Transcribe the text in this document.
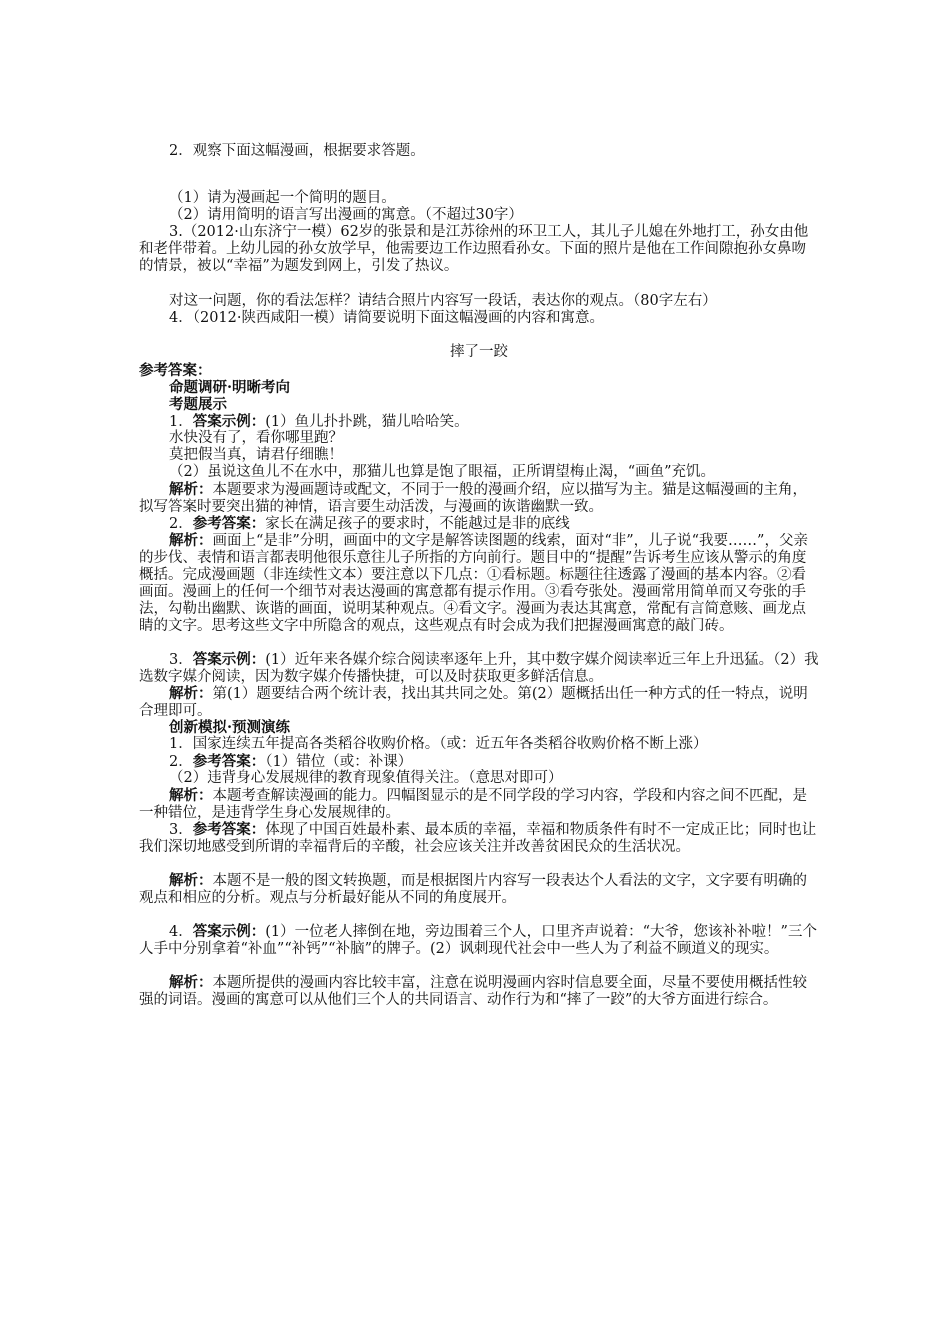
2．观察下面这幅漫画，根据要求答题。
（1）请为漫画起一个简明的题目。
（2）请用简明的语言写出漫画的寓意。（不超过30字）
3.（2012·山东济宁一模）62岁的张景和是江苏徐州的环卫工人，其儿子儿媳在外地打工，孙女由他和老伴带着。上幼儿园的孙女放学早，他需要边工作边照看孙女。下面的照片是他在工作间隙抱孙女鼻吻的情景，被以“幸福”为题发到网上，引发了热议。
对这一问题，你的看法怎样？请结合照片内容写一段话，表达你的观点。（80字左右）
4．（2012·陕西咸阳一模）请简要说明下面这幅漫画的内容和寓意。
摔了一跤
参考答案：
命题调研·明晰考向
考题展示
1．答案示例：(1）鱼儿扑扑跳，猫儿哈哈笑。
水快没有了，看你哪里跑？
莫把假当真，请君仔细瞧！
（2）虽说这鱼儿不在水中，那猫儿也算是饱了眼福，正所谓望梅止渴，“画鱼”充饥。
解析：本题要求为漫画题诗或配文，不同于一般的漫画介绍，应以描写为主。猫是这幅漫画的主角，拟写答案时要突出猫的神情，语言要生动活泼，与漫画的诙谐幽默一致。
2．参考答案：家长在满足孩子的要求时，不能越过是非的底线
解析：画面上“是非”分明，画面中的文字是解答读图题的线索，面对“非”，儿子说“我要……”，父亲的步伐、表情和语言都表明他很乐意往儿子所指的方向前行。题目中的“提醒”告诉考生应该从警示的角度概括。完成漫画题（非连续性文本）要注意以下几点：①看标题。标题往往透露了漫画的基本内容。②看画面。漫画上的任何一个细节对表达漫画的寓意都有提示作用。③看夸张处。漫画常用简单而又夸张的手法，勾勒出幽默、诙谐的画面，说明某种观点。④看文字。漫画为表达其寓意，常配有言简意赅、画龙点睛的文字。思考这些文字中所隐含的观点，这些观点有时会成为我们把握漫画寓意的敲门砖。
3．答案示例：(1）近年来各媒介综合阅读率逐年上升，其中数字媒介阅读率近三年上升迅猛。（2）我选数字媒介阅读，因为数字媒介传播快捷，可以及时获取更多鲜活信息。
解析：第(1）题要结合两个统计表，找出其共同之处。第(2）题概括出任一种方式的任一特点，说明合理即可。
创新模拟·预测演练
1．国家连续五年提高各类稻谷收购价格。（或：近五年各类稻谷收购价格不断上涨）
2．参考答案：（1）错位（或：补课）
（2）违背身心发展规律的教育现象值得关注。（意思对即可）
解析：本题考查解读漫画的能力。四幅图显示的是不同学段的学习内容，学段和内容之间不匹配，是一种错位，是违背学生身心发展规律的。
3．参考答案：体现了中国百姓最朴素、最本质的幸福，幸福和物质条件有时不一定成正比；同时也让我们深切地感受到所谓的幸福背后的辛酸，社会应该关注并改善贫困民众的生活状况。
解析：本题不是一般的图文转换题，而是根据图片内容写一段表达个人看法的文字，文字要有明确的观点和相应的分析。观点与分析最好能从不同的角度展开。
4．答案示例：(1）一位老人摔倒在地，旁边围着三个人，口里齐声说着：“大爷，您该补补啦！”三个人手中分别拿着“补血”“补钙”“补脑”的牌子。(2）讽刺现代社会中一些人为了利益不顾道义的现实。
解析：本题所提供的漫画内容比较丰富，注意在说明漫画内容时信息要全面，尽量不要使用概括性较强的词语。漫画的寓意可以从他们三个人的共同语言、动作行为和“摔了一跤”的大爷方面进行综合。
